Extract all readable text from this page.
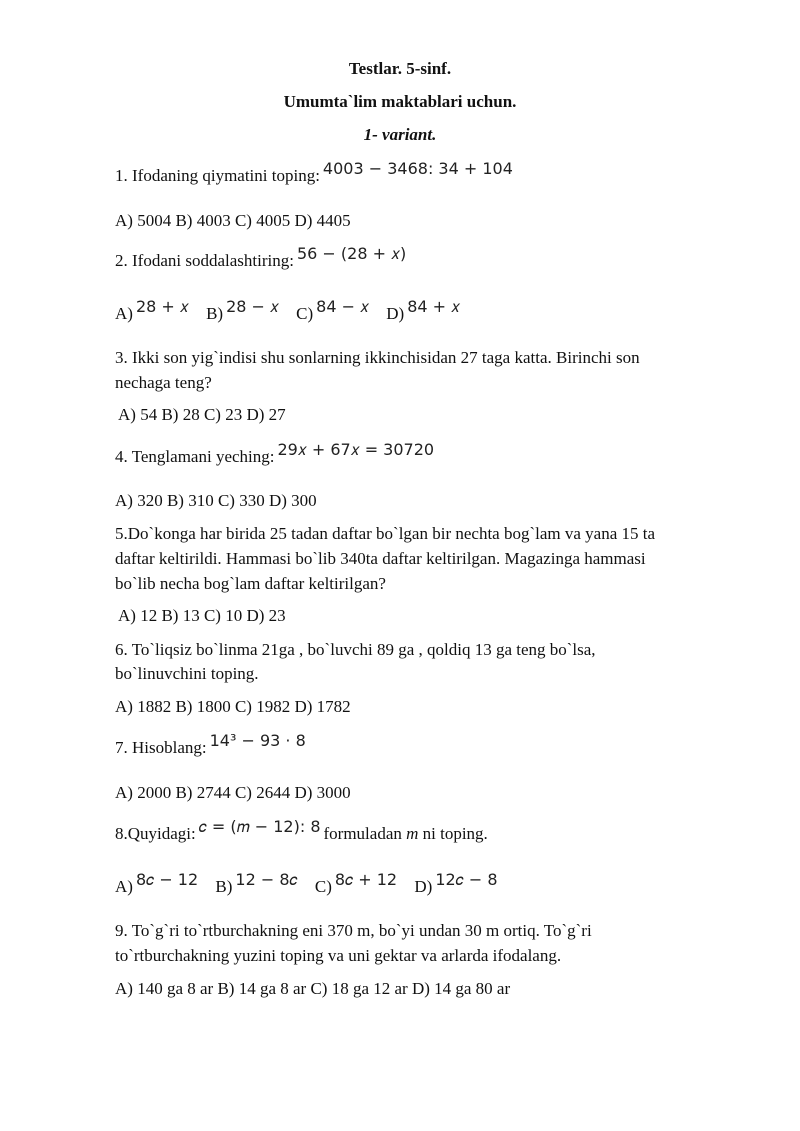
Testlar. 5-sinf.
Umumta`lim maktablari uchun.
1- variant.
1. Ifodaning qiymatini toping: 4003 − 3468: 34 + 104
A) 5004 B) 4003 C) 4005 D) 4405
2. Ifodani soddalashtiring: 56 − (28 + 𝑥)
A) 28 + 𝑥 B) 28 − 𝑥 C) 84 − 𝑥 D) 84 + 𝑥
3. Ikki son yig`indisi shu sonlarning ikkinchisidan 27 taga katta. Birinchi son
nechaga teng?
A) 54 B) 28 C) 23 D) 27
4. Tenglamani yeching: 29𝑥 + 67𝑥 = 30720
A) 320 B) 310 C) 330 D) 300
5.Do`konga har birida 25 tadan daftar bo`lgan bir nechta bog`lam va yana 15 ta
daftar keltirildi. Hammasi bo`lib 340ta daftar keltirilgan. Magazinga hammasi
bo`lib necha bog`lam daftar keltirilgan?
A) 12 B) 13 C) 10 D) 23
6. To`liqsiz bo`linma 21ga , bo`luvchi 89 ga , qoldiq 13 ga teng bo`lsa,
bo`linuvchini toping.
A) 1882 B) 1800 C) 1982 D) 1782
7. Hisoblang: 14³ − 93 · 8
A) 2000 B) 2744 C) 2644 D) 3000
8.Quyidagi: 𝑐 = (𝑚 − 12): 8 formuladan m ni toping.
A) 8𝑐 − 12 B) 12 − 8𝑐 C) 8𝑐 + 12 D) 12𝑐 − 8
9. To`g`ri to`rtburchakning eni 370 m, bo`yi undan 30 m ortiq. To`g`ri
to`rtburchakning yuzini toping va uni gektar va arlarda ifodalang.
A) 140 ga 8 ar B) 14 ga 8 ar C) 18 ga 12 ar D) 14 ga 80 ar
